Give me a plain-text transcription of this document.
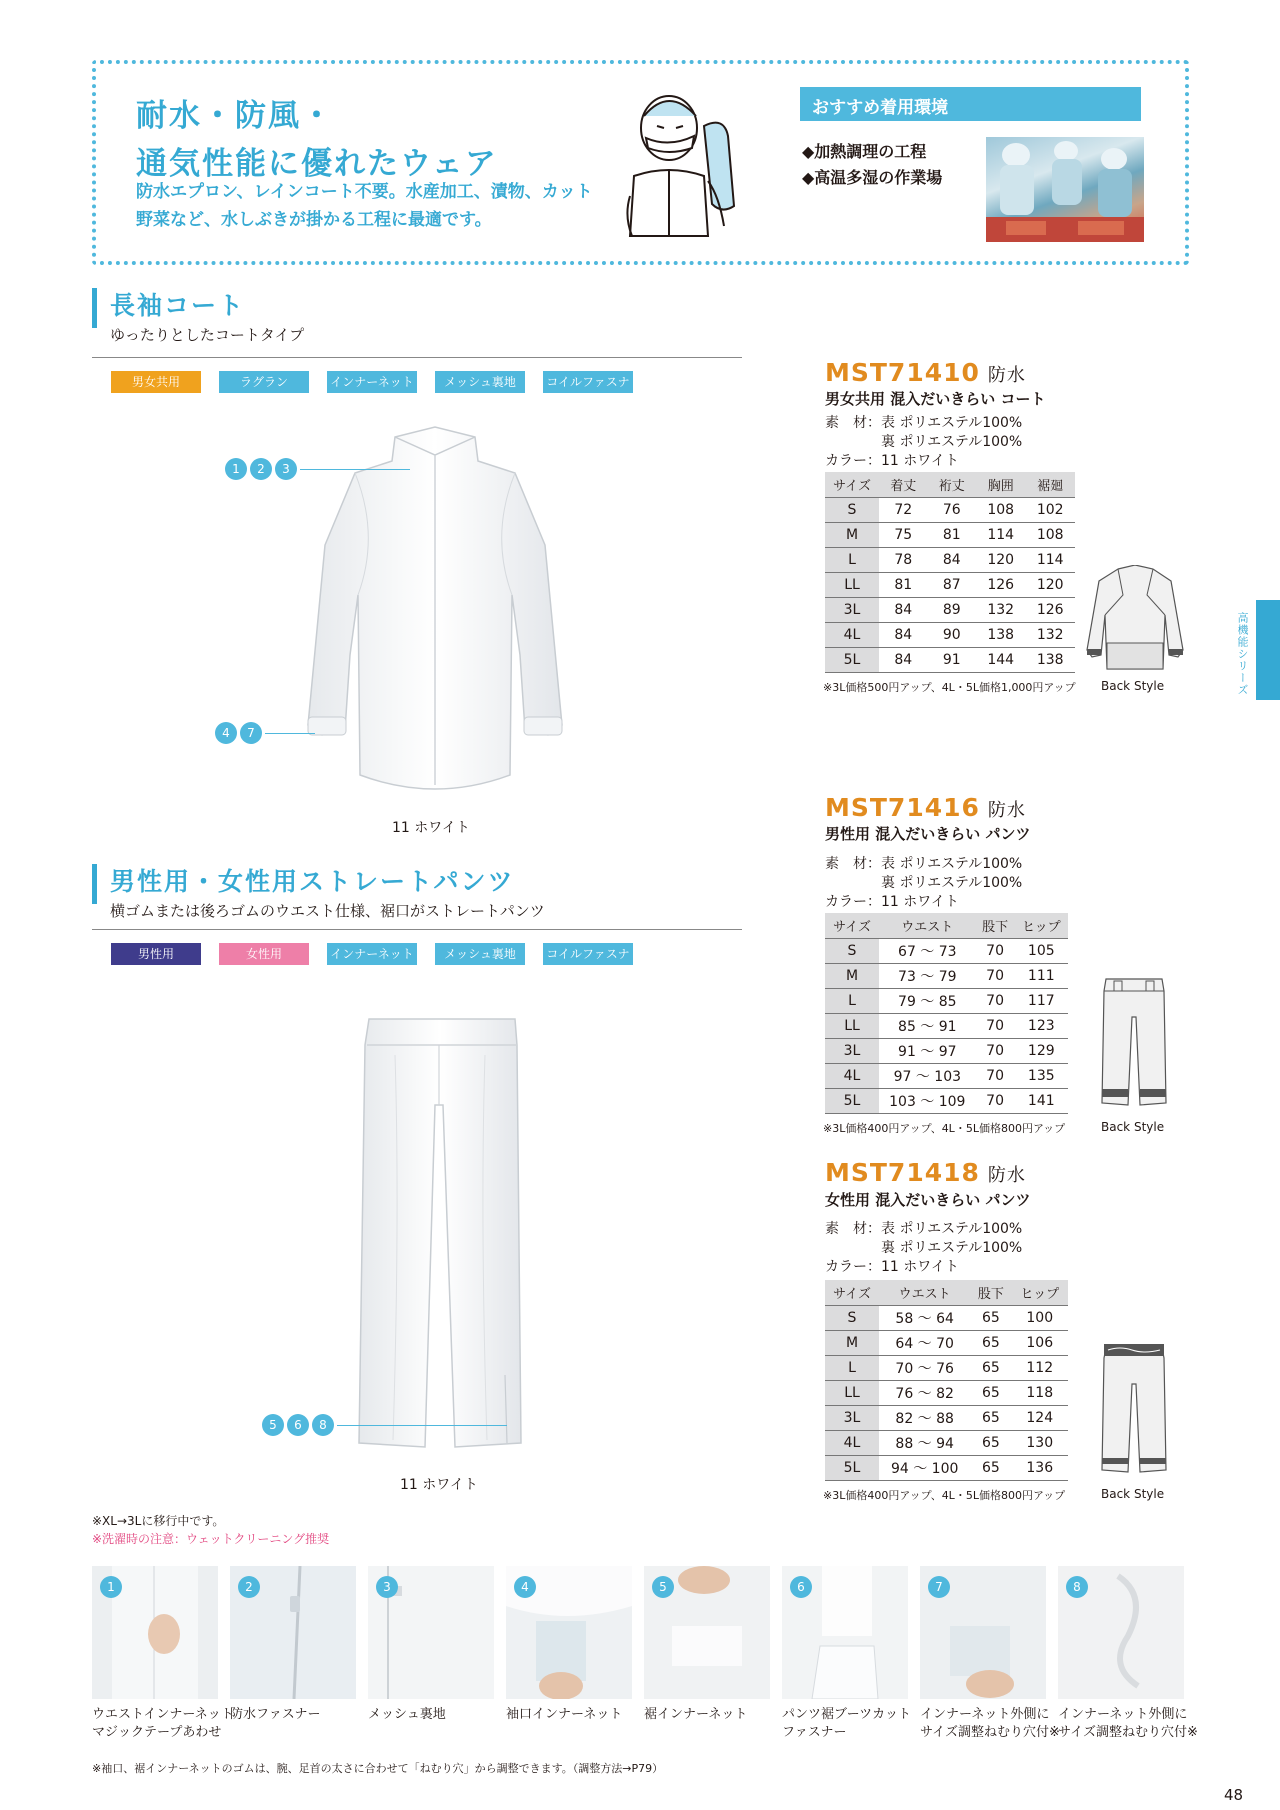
耐水・防風・
通気性能に優れたウェア
防水エプロン、レインコート不要。水産加工、漬物、カット
野菜など、水しぶきが掛かる工程に最適です。
おすすめ着用環境
◆加熱調理の工程
◆高温多湿の作業場
長袖コート
ゆったりとしたコートタイプ
男女共用	ラグラン	インナーネット	メッシュ裏地	コイルファスナー
1	2	3
4	7
11 ホワイト
男性用・女性用ストレートパンツ
横ゴムまたは後ろゴムのウエスト仕様、裾口がストレートパンツ
男性用	女性用	インナーネット	メッシュ裏地	コイルファスナー
5	6	8
11 ホワイト
MST71410 防水
男女共用 混入だいきらい コート
素　材：表 ポリエステル100%
　　　　裏 ポリエステル100%
カラー：11 ホワイト
サイズ	着丈	裄丈	胸囲	裾廻
S	72	76	108	102
M	75	81	114	108
L	78	84	120	114
LL	81	87	126	120
3L	84	89	132	126
4L	84	90	138	132
5L	84	91	144	138
※3L価格500円アップ、4L・5L価格1,000円アップ Back Style
MST71416 防水
男性用 混入だいきらい パンツ
素　材：表 ポリエステル100%
　　　　裏 ポリエステル100%
カラー：11 ホワイト
サイズ	ウエスト	股下	ヒップ
S	67 ～ 73	70	105
M	73 ～ 79	70	111
L	79 ～ 85	70	117
LL	85 ～ 91	70	123
3L	91 ～ 97	70	129
4L	97 ～ 103	70	135
5L	103 ～ 109	70	141
※3L価格400円アップ、4L・5L価格800円アップ	Back Style
MST71418 防水
女性用 混入だいきらい パンツ
素　材：表 ポリエステル100%
　　　　裏 ポリエステル100%
カラー：11 ホワイト
サイズ	ウエスト	股下	ヒップ
S	58 ～ 64	65	100
M	64 ～ 70	65	106
L	70 ～ 76	65	112
LL	76 ～ 82	65	118
3L	82 ～ 88	65	124
4L	88 ～ 94	65	130
5L	94 ～ 100	65	136
※3L価格400円アップ、4L・5L価格800円アップ	Back Style
高機能シリーズ
※XL→3Lに移行中です。
※洗濯時の注意：ウェットクリーニング推奨
1	2	3	4	5	6	7	8
ウエストインナーネット
マジックテープあわせ
防水ファスナー	メッシュ裏地	袖口インナーネット 裾インナーネット	パンツ裾ブーツカット
ファスナー
インナーネット外側に
サイズ調整ねむり穴付※
インナーネット外側に
サイズ調整ねむり穴付※
※袖口、裾インナーネットのゴムは、腕、足首の太さに合わせて「ねむり穴」から調整できます。（調整方法→P79）
48
